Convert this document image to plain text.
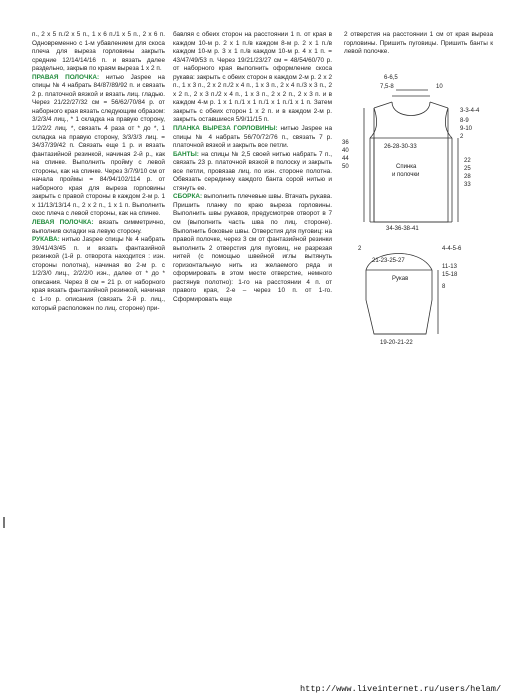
п., 2 х 5 п./2 х 5 п., 1 х 6 п./1 х 5 п., 2 х 6 п. Одновременно с 1-м убавлением для скоса плеча для выреза горловины закрыть средние 12/14/14/16 п. и вязать далее раздельно, закрыв по краям выреза 1 х 2 п.

ПРАВАЯ ПОЛОЧКА: нитью Jaspee на спицы № 4 набрать 84/87/89/92 п. и связать 2 р. платочной вязкой и вязать лиц. гладью. Через 21/22/27/32 см = 56/62/70/84 р. от наборного края вязать следующим образом: 3/2/3/4 лиц., * 1 складка на правую сторону, 1/2/2/2 лиц. *, связать 4 раза от * до *, 1 складка на правую сторону, 3/3/3/3 лиц. = 34/37/39/42 п. Связать еще 1 р. и вязать фантазийной резинкой, начиная 2-й р., как на спинке. Выполнить пройму с левой стороны, как на спинке. Через 3/7/9/10 см от начала проймы = 84/94/102/114 р. от наборного края для выреза горловины закрыть с правой стороны в каждом 2-м р. 1 х 11/13/13/14 п., 2 х 2 п., 1 х 1 п. Выполнить скос плеча с левой стороны, как на спинке.

ЛЕВАЯ ПОЛОЧКА: вязать симметрично, выполнив складки на левую сторону.

РУКАВА: нитью Jaspee спицы № 4 набрать 39/41/43/45 п. и вязать фантазийной резинкой (1-й р. отворота находится : изн. стороны полотна), начиная во 2-м р. с 1/2/3/0 лиц., 2/2/2/0 изн., далее от * до * описания. Через 8 см = 21 р. от наборного края вязать фантазийной резинкой, начиная с 1-го р. описания (связать 2-й р. лиц., который расположен по лиц. стороне) при-

бавляя с обеих сторон на расстоянии 1 п. от края в каждом 10-м р. 2 х 1 п./в каждом 8-м р. 2 х 1 п./в каждом 10-м р. 3 х 1 п./в каждом 10-м р. 4 х 1 п. = 43/47/49/53 п. Через 19/21/23/27 см = 48/54/60/70 р. от наборного края выполнить оформление скоса рукава: закрыть с обеих сторон в каждом 2-м р. 2 х 2 п., 1 х 3 п., 2 х 2 п./2 х 4 п., 1 х 3 п., 2 х 4 п./3 х 3 п., 2 х 2 п., 2 х 3 п./2 х 4 п., 1 х 3 п., 2 х 2 п., 2 х 3 п. и в каждом 4-м р. 1 х 1 п./1 х 1 п./1 х 1 п./1 х 1 п. Затем закрыть с обеих сторон 1 х 2 п. и в каждом 2-м р. закрыть оставшиеся 5/9/11/15 п.

ПЛАНКА ВЫРЕЗА ГОРЛОВИНЫ: нитью Jaspee на спицы № 4 набрать 56/70/72/76 п., связать 7 р. платочной вязкой и закрыть все петли.

БАНТЫ: на спицы № 2,5 своей нитью набрать 7 п., связать 23 р. платочной вязкой в полоску и закрыть все петли, провязав лиц. по изн. стороне полотна. Обвязать серединку каждого банта сорой нитью и стянуть ее.

СБОРКА: выполнить плечевые швы. Втачать рукава. Пришить планку по краю выреза горловины. Выполнить швы рукавов, предусмотрев отворот в 7 см (выполнить часть шва по лиц. стороне). Выполнить боковые швы. Отверстия для пуговиц: на правой полочке, через 3 см от фантазийной резинки выполнить 2 отверстия для пуговиц, не разрезая нитей (с помощью швейной иглы вытянуть горизонтальную нить из желаемого ряда и сформировать в этом месте отверстие, немного растянув полотно): 1-го на расстоянии 4 п. от правого края, 2-е – через 10 п. от 1-го. Сформировать еще

2 отверстия на расстоянии 1 см от края выреза горловины. Пришить пуговицы. Пришить банты к левой полочке.

6-6,5
7,5-8	10
3-3-4-4
8-9
9-10
2
26-28-30-33
36
40
44
50
22
25
28
33
Спинка
и полочки
34-36-38-41
2
21-23-25-27
4-4-5-6
11-13
15-18
8
Рукав
19-20-21-22
http://www.liveinternet.ru/users/helam/
